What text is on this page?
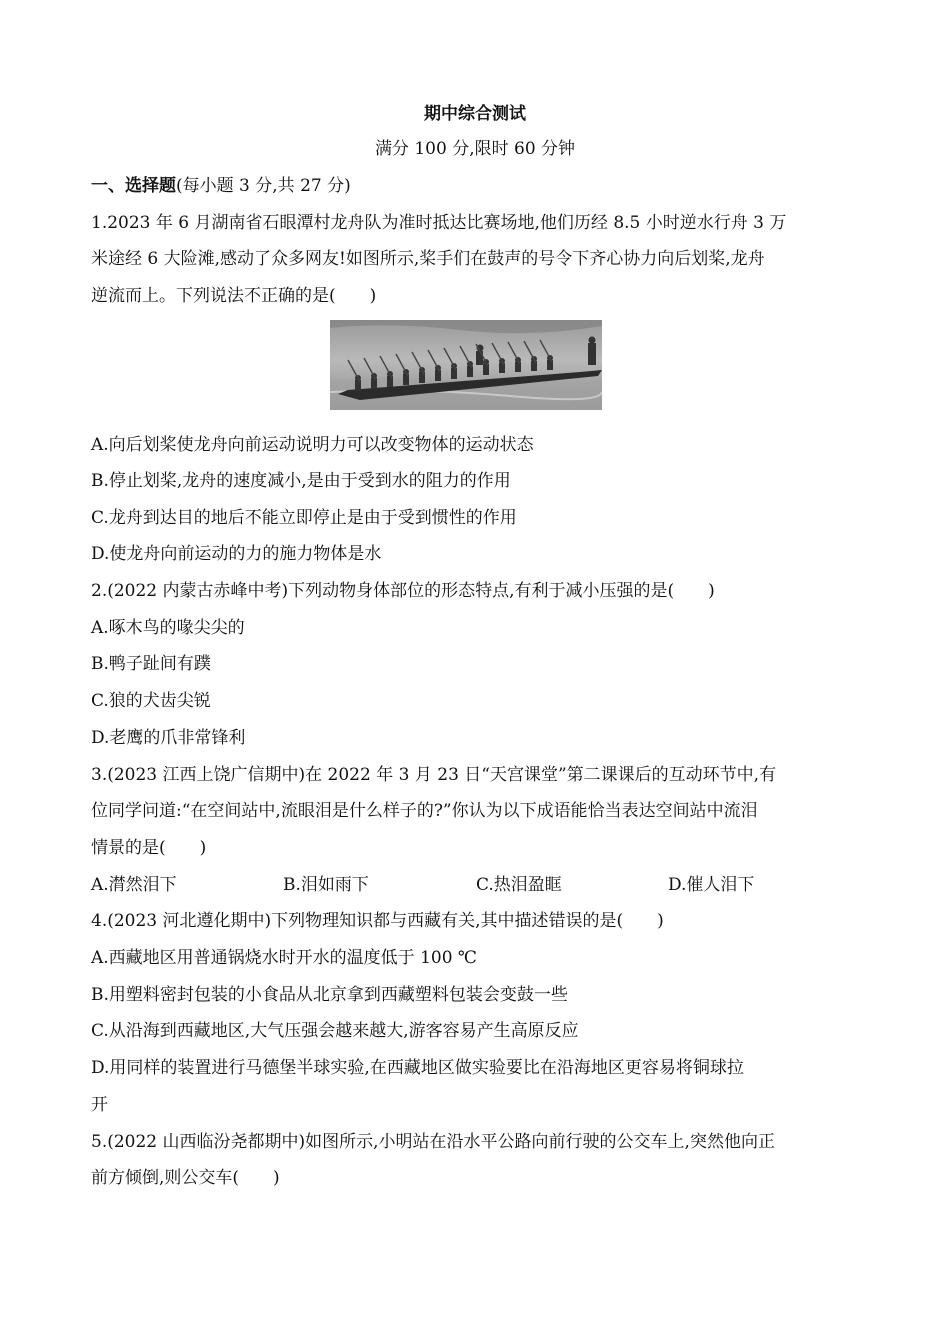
期中综合测试
满分 100 分,限时 60 分钟
一、选择题(每小题 3 分,共 27 分)
1.2023 年 6 月湖南省石眼潭村龙舟队为准时抵达比赛场地,他们历经 8.5 小时逆水行舟 3 万
米途经 6 大险滩,感动了众多网友!如图所示,桨手们在鼓声的号令下齐心协力向后划桨,龙舟
逆流而上。下列说法不正确的是(　　)
A.向后划桨使龙舟向前运动说明力可以改变物体的运动状态
B.停止划桨,龙舟的速度减小,是由于受到水的阻力的作用
C.龙舟到达目的地后不能立即停止是由于受到惯性的作用
D.使龙舟向前运动的力的施力物体是水
2.(2022 内蒙古赤峰中考)下列动物身体部位的形态特点,有利于减小压强的是(　　)
A.啄木鸟的喙尖尖的
B.鸭子趾间有蹼
C.狼的犬齿尖锐
D.老鹰的爪非常锋利
3.(2023 江西上饶广信期中)在 2022 年 3 月 23 日“天宫课堂”第二课课后的互动环节中,有
位同学问道:“在空间站中,流眼泪是什么样子的?”你认为以下成语能恰当表达空间站中流泪
情景的是(　　)
A.潸然泪下	B.泪如雨下	C.热泪盈眶	D.催人泪下
4.(2023 河北遵化期中)下列物理知识都与西藏有关,其中描述错误的是(　　)
A.西藏地区用普通锅烧水时开水的温度低于 100 ℃
B.用塑料密封包装的小食品从北京拿到西藏塑料包装会变鼓一些
C.从沿海到西藏地区,大气压强会越来越大,游客容易产生高原反应
D.用同样的装置进行马德堡半球实验,在西藏地区做实验要比在沿海地区更容易将铜球拉
开
5.(2022 山西临汾尧都期中)如图所示,小明站在沿水平公路向前行驶的公交车上,突然他向正
前方倾倒,则公交车(　　)
